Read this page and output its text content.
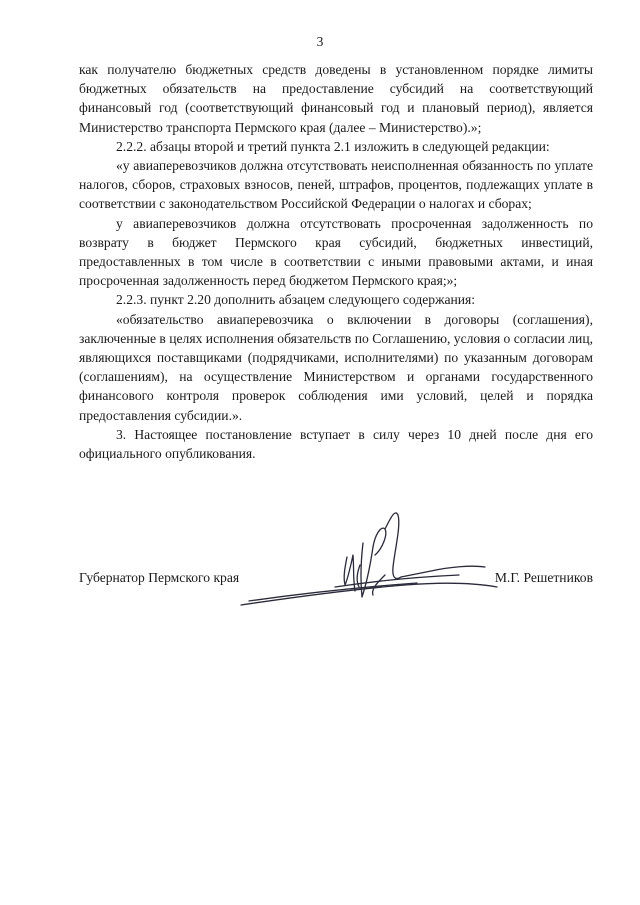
3

как получателю бюджетных средств доведены в установленном порядке лимиты бюджетных обязательств на предоставление субсидий на соответствующий финансовый год (соответствующий финансовый год и плановый период), является Министерство транспорта Пермского края (далее – Министерство).»;

2.2.2. абзацы второй и третий пункта 2.1 изложить в следующей редакции:

«у авиаперевозчиков должна отсутствовать неисполненная обязанность по уплате налогов, сборов, страховых взносов, пеней, штрафов, процентов, подлежащих уплате в соответствии с законодательством Российской Федерации о налогах и сборах;

у авиаперевозчиков должна отсутствовать просроченная задолженность по возврату в бюджет Пермского края субсидий, бюджетных инвестиций, предоставленных в том числе в соответствии с иными правовыми актами, и иная просроченная задолженность перед бюджетом Пермского края;»;

2.2.3. пункт 2.20 дополнить абзацем следующего содержания:

«обязательство авиаперевозчика о включении в договоры (соглашения), заключенные в целях исполнения обязательств по Соглашению, условия о согласии лиц, являющихся поставщиками (подрядчиками, исполнителями) по указанным договорам (соглашениям), на осуществление Министерством и органами государственного финансового контроля проверок соблюдения ими условий, целей и порядка предоставления субсидии.».

3. Настоящее постановление вступает в силу через 10 дней после дня его официального опубликования.

Губернатор Пермского края	М.Г. Решетников
